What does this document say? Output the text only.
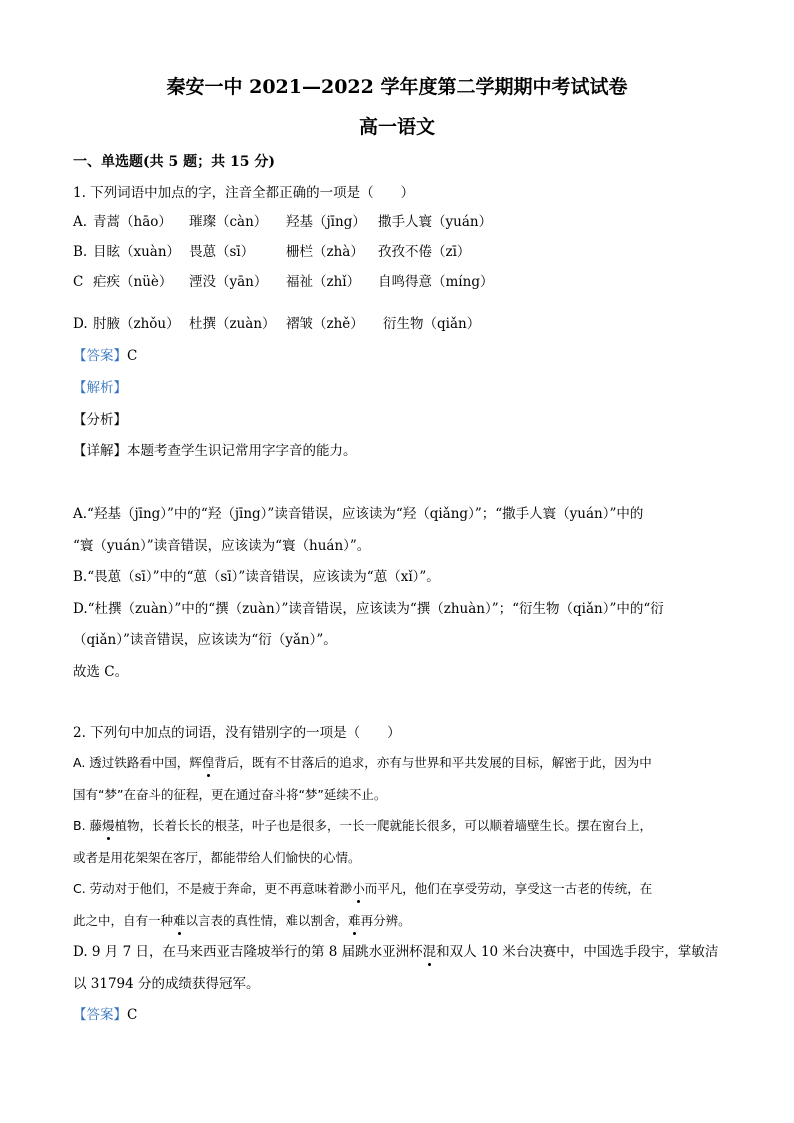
秦安一中 2021—2022 学年度第二学期期中考试试卷
高一语文
一、单选题(共 5 题；共 15 分)
1. 下列词语中加点的字，注音全都正确的一项是（　　）
A. 青蒿（hāo） 璀璨（càn） 羟基（jīng） 撒手人寰（yuán）
B. 目眩（xuàn） 畏葸（sī） 栅栏（zhà） 孜孜不倦（zī）
C 疟疾（nüè） 湮没（yān） 福祉（zhǐ） 自鸣得意（míng）
D. 肘腋（zhǒu） 杜撰（zuàn） 褶皱（zhě） 衍生物（qiǎn）
【答案】C
【解析】
【分析】
【详解】本题考查学生识记常用字字音的能力。
A.“羟基（jīng）”中的“羟（jīng）”读音错误，应该读为“羟（qiǎng）”；“撒手人寰（yuán）”中的
“寰（yuán）”读音错误，应该读为“寰（huán）”。
B.“畏葸（sī）”中的“葸（sī）”读音错误，应该读为“葸（xǐ）”。
D.“杜撰（zuàn）”中的“撰（zuàn）”读音错误，应该读为“撰（zhuàn）”；“衍生物（qiǎn）”中的“衍
（qiǎn）”读音错误，应该读为“衍（yǎn）”。
故选 C。
2. 下列句中加点的词语，没有错别字的一项是（　　）
A. 透过铁路看中国，辉偟背后，既有不甘落后的追求，亦有与世界和平共发展的目标，解密于此，因为中
国有“梦”在奋斗的征程，更在通过奋斗将“梦”延续不止。
B. 藤熳植物，长着长长的根茎，叶子也是很多，一长一爬就能长很多，可以顺着墙壁生长。摆在窗台上，
或者是用花架架在客厅，都能带给人们愉快的心情。
C. 劳动对于他们，不是疲于奔命，更不再意味着渺小而平凡，他们在享受劳动，享受这一古老的传统，在
此之中，自有一种难以言表的真性情，难以割舍，难再分辨。
D. 9 月 7 日，在马来西亚吉隆坡举行的第 8 届跳水亚洲杯混和双人 10 米台决赛中，中国选手段宇，掌敏洁
以 31794 分的成绩获得冠军。
【答案】C
